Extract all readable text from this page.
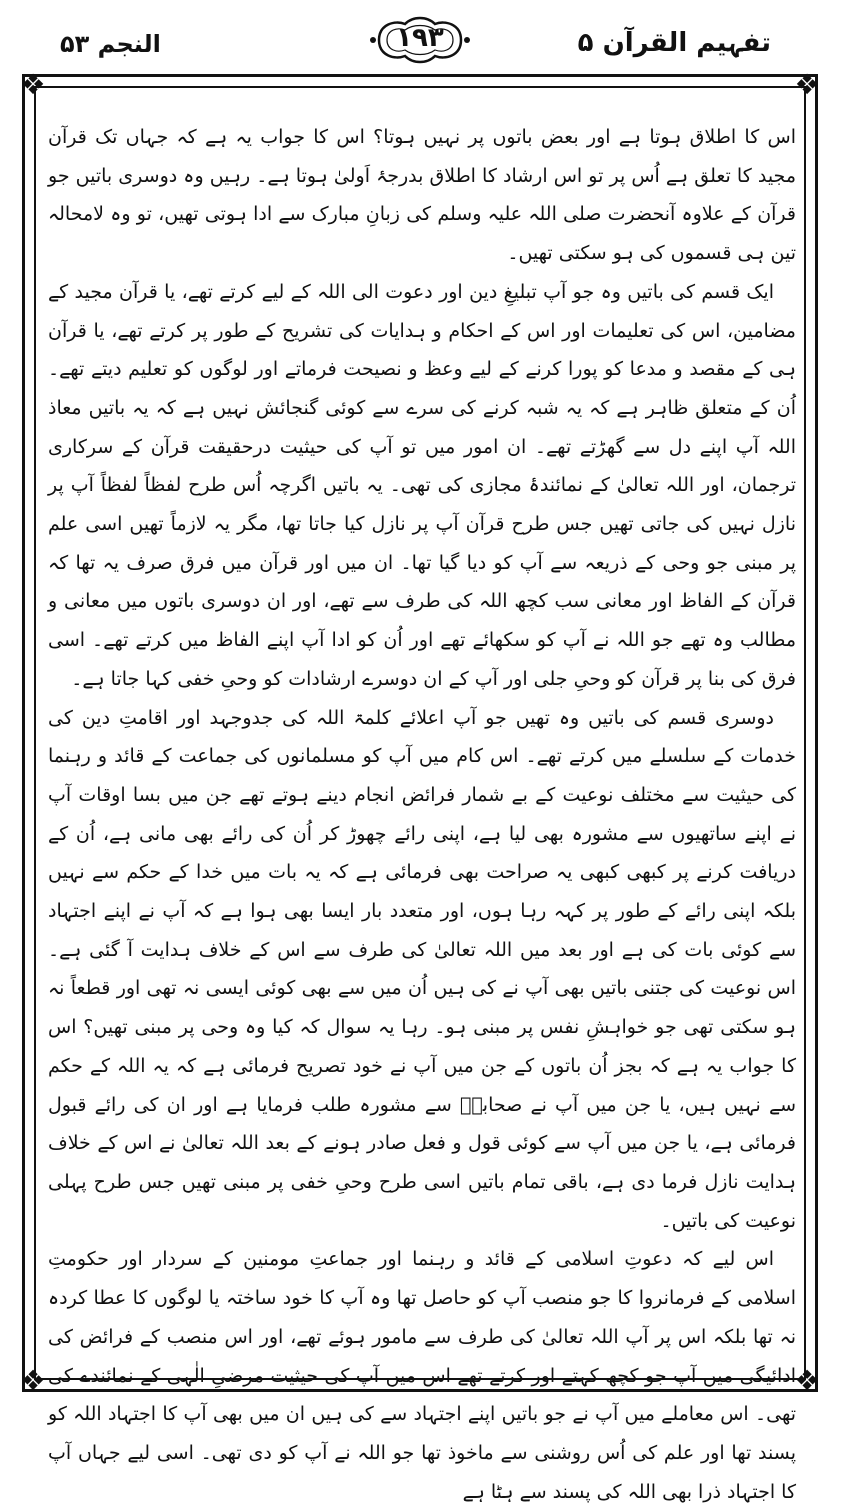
النجم ۵۳	١٩٣	تفہیم القرآن ۵
❖	❖
❖	❖

اس کا اطلاق ہوتا ہے اور بعض باتوں پر نہیں ہوتا؟ اس کا جواب یہ ہے کہ جہاں تک قرآن مجید کا تعلق ہے اُس پر تو اس ارشاد کا اطلاق بدرجۂ اَولیٰ ہوتا ہے۔ رہیں وہ دوسری باتیں جو قرآن کے علاوہ آنحضرت صلی اللہ علیہ وسلم کی زبانِ مبارک سے ادا ہوتی تھیں، تو وہ لامحالہ تین ہی قسموں کی ہو سکتی تھیں۔

ایک قسم کی باتیں وہ جو آپ تبلیغِ دین اور دعوت الی اللہ کے لیے کرتے تھے، یا قرآن مجید کے مضامین، اس کی تعلیمات اور اس کے احکام و ہدایات کی تشریح کے طور پر کرتے تھے، یا قرآن ہی کے مقصد و مدعا کو پورا کرنے کے لیے وعظ و نصیحت فرماتے اور لوگوں کو تعلیم دیتے تھے۔ اُن کے متعلق ظاہر ہے کہ یہ شبہ کرنے کی سرے سے کوئی گنجائش نہیں ہے کہ یہ باتیں معاذ اللہ آپ اپنے دل سے گھڑتے تھے۔ ان امور میں تو آپ کی حیثیت درحقیقت قرآن کے سرکاری ترجمان، اور اللہ تعالیٰ کے نمائندۂ مجازی کی تھی۔ یہ باتیں اگرچہ اُس طرح لفظاً لفظاً آپ پر نازل نہیں کی جاتی تھیں جس طرح قرآن آپ پر نازل کیا جاتا تھا، مگر یہ لازماً تھیں اسی علم پر مبنی جو وحی کے ذریعہ سے آپ کو دیا گیا تھا۔ ان میں اور قرآن میں فرق صرف یہ تھا کہ قرآن کے الفاظ اور معانی سب کچھ اللہ کی طرف سے تھے، اور ان دوسری باتوں میں معانی و مطالب وہ تھے جو اللہ نے آپ کو سکھائے تھے اور اُن کو ادا آپ اپنے الفاظ میں کرتے تھے۔ اسی فرق کی بنا پر قرآن کو وحیِ جلی اور آپ کے ان دوسرے ارشادات کو وحیِ خفی کہا جاتا ہے۔

دوسری قسم کی باتیں وہ تھیں جو آپ اعلائے کلمۃ اللہ کی جدوجہد اور اقامتِ دین کی خدمات کے سلسلے میں کرتے تھے۔ اس کام میں آپ کو مسلمانوں کی جماعت کے قائد و رہنما کی حیثیت سے مختلف نوعیت کے بے شمار فرائض انجام دینے ہوتے تھے جن میں بسا اوقات آپ نے اپنے ساتھیوں سے مشورہ بھی لیا ہے، اپنی رائے چھوڑ کر اُن کی رائے بھی مانی ہے، اُن کے دریافت کرنے پر کبھی کبھی یہ صراحت بھی فرمائی ہے کہ یہ بات میں خدا کے حکم سے نہیں بلکہ اپنی رائے کے طور پر کہہ رہا ہوں، اور متعدد بار ایسا بھی ہوا ہے کہ آپ نے اپنے اجتہاد سے کوئی بات کی ہے اور بعد میں اللہ تعالیٰ کی طرف سے اس کے خلاف ہدایت آ گئی ہے۔ اس نوعیت کی جتنی باتیں بھی آپ نے کی ہیں اُن میں سے بھی کوئی ایسی نہ تھی اور قطعاً نہ ہو سکتی تھی جو خواہشِ نفس پر مبنی ہو۔ رہا یہ سوال کہ کیا وہ وحی پر مبنی تھیں؟ اس کا جواب یہ ہے کہ بجز اُن باتوں کے جن میں آپ نے خود تصریح فرمائی ہے کہ یہ اللہ کے حکم سے نہیں ہیں، یا جن میں آپ نے صحابہؓ سے مشورہ طلب فرمایا ہے اور ان کی رائے قبول فرمائی ہے، یا جن میں آپ سے کوئی قول و فعل صادر ہونے کے بعد اللہ تعالیٰ نے اس کے خلاف ہدایت نازل فرما دی ہے، باقی تمام باتیں اسی طرح وحیِ خفی پر مبنی تھیں جس طرح پہلی نوعیت کی باتیں۔

اس لیے کہ دعوتِ اسلامی کے قائد و رہنما اور جماعتِ مومنین کے سردار اور حکومتِ اسلامی کے فرمانروا کا جو منصب آپ کو حاصل تھا وہ آپ کا خود ساختہ یا لوگوں کا عطا کردہ نہ تھا بلکہ اس پر آپ اللہ تعالیٰ کی طرف سے مامور ہوئے تھے، اور اس منصب کے فرائض کی ادائیگی میں آپ جو کچھ کہتے اور کرتے تھے اس میں آپ کی حیثیت مرضیِ الٰہی کے نمائندے کی تھی۔ اس معاملے میں آپ نے جو باتیں اپنے اجتہاد سے کی ہیں ان میں بھی آپ کا اجتہاد اللہ کو پسند تھا اور علم کی اُس روشنی سے ماخوذ تھا جو اللہ نے آپ کو دی تھی۔ اسی لیے جہاں آپ کا اجتہاد ذرا بھی اللہ کی پسند سے ہٹا ہے
